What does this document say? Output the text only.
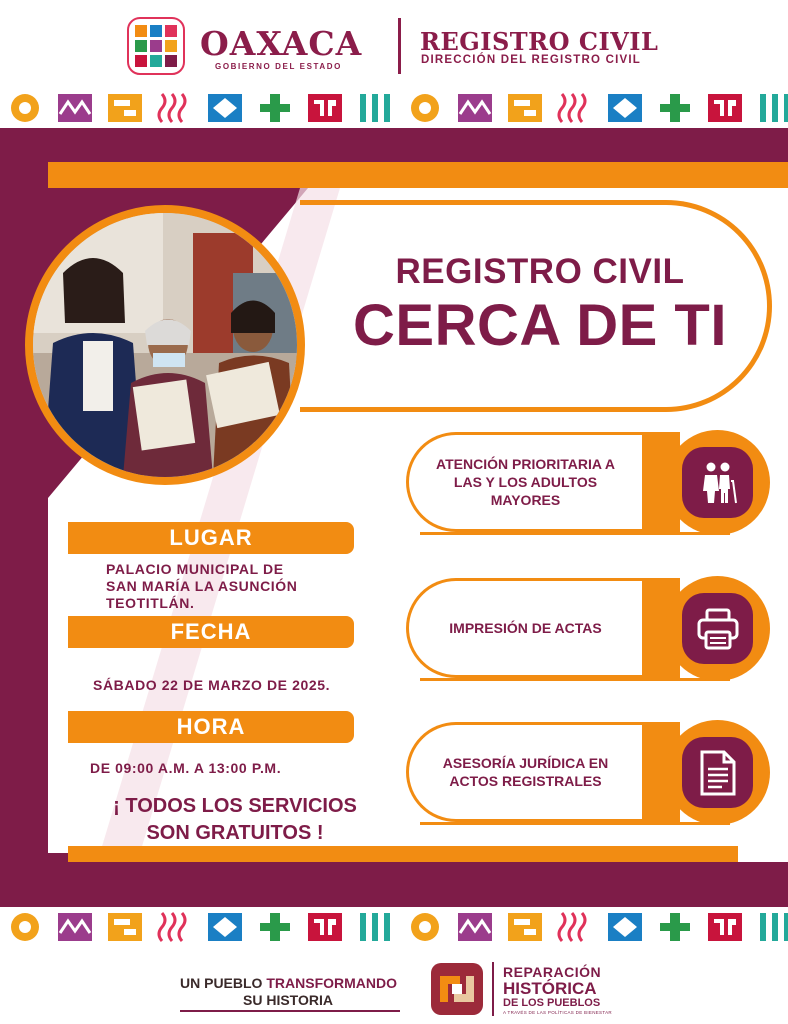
OAXACA
GOBIERNO DEL ESTADO
REGISTRO CIVIL
DIRECCIÓN DEL REGISTRO CIVIL
REGISTRO CIVIL
CERCA DE TI
ATENCIÓN PRIORITARIA A LAS Y LOS ADULTOS MAYORES
IMPRESIÓN DE ACTAS
ASESORÍA JURÍDICA EN ACTOS REGISTRALES
LUGAR
PALACIO MUNICIPAL DE
SAN MARÍA LA ASUNCIÓN
TEOTITLÁN.
FECHA
SÁBADO 22 DE MARZO DE 2025.
HORA
DE 09:00 A.M. A 13:00 P.M.
¡ TODOS LOS SERVICIOS
SON GRATUITOS !
UN PUEBLO TRANSFORMANDO
SU HISTORIA
REPARACIÓN
HISTÓRICA
DE LOS PUEBLOS
A TRAVÉS DE LAS POLÍTICAS DE BIENESTAR
